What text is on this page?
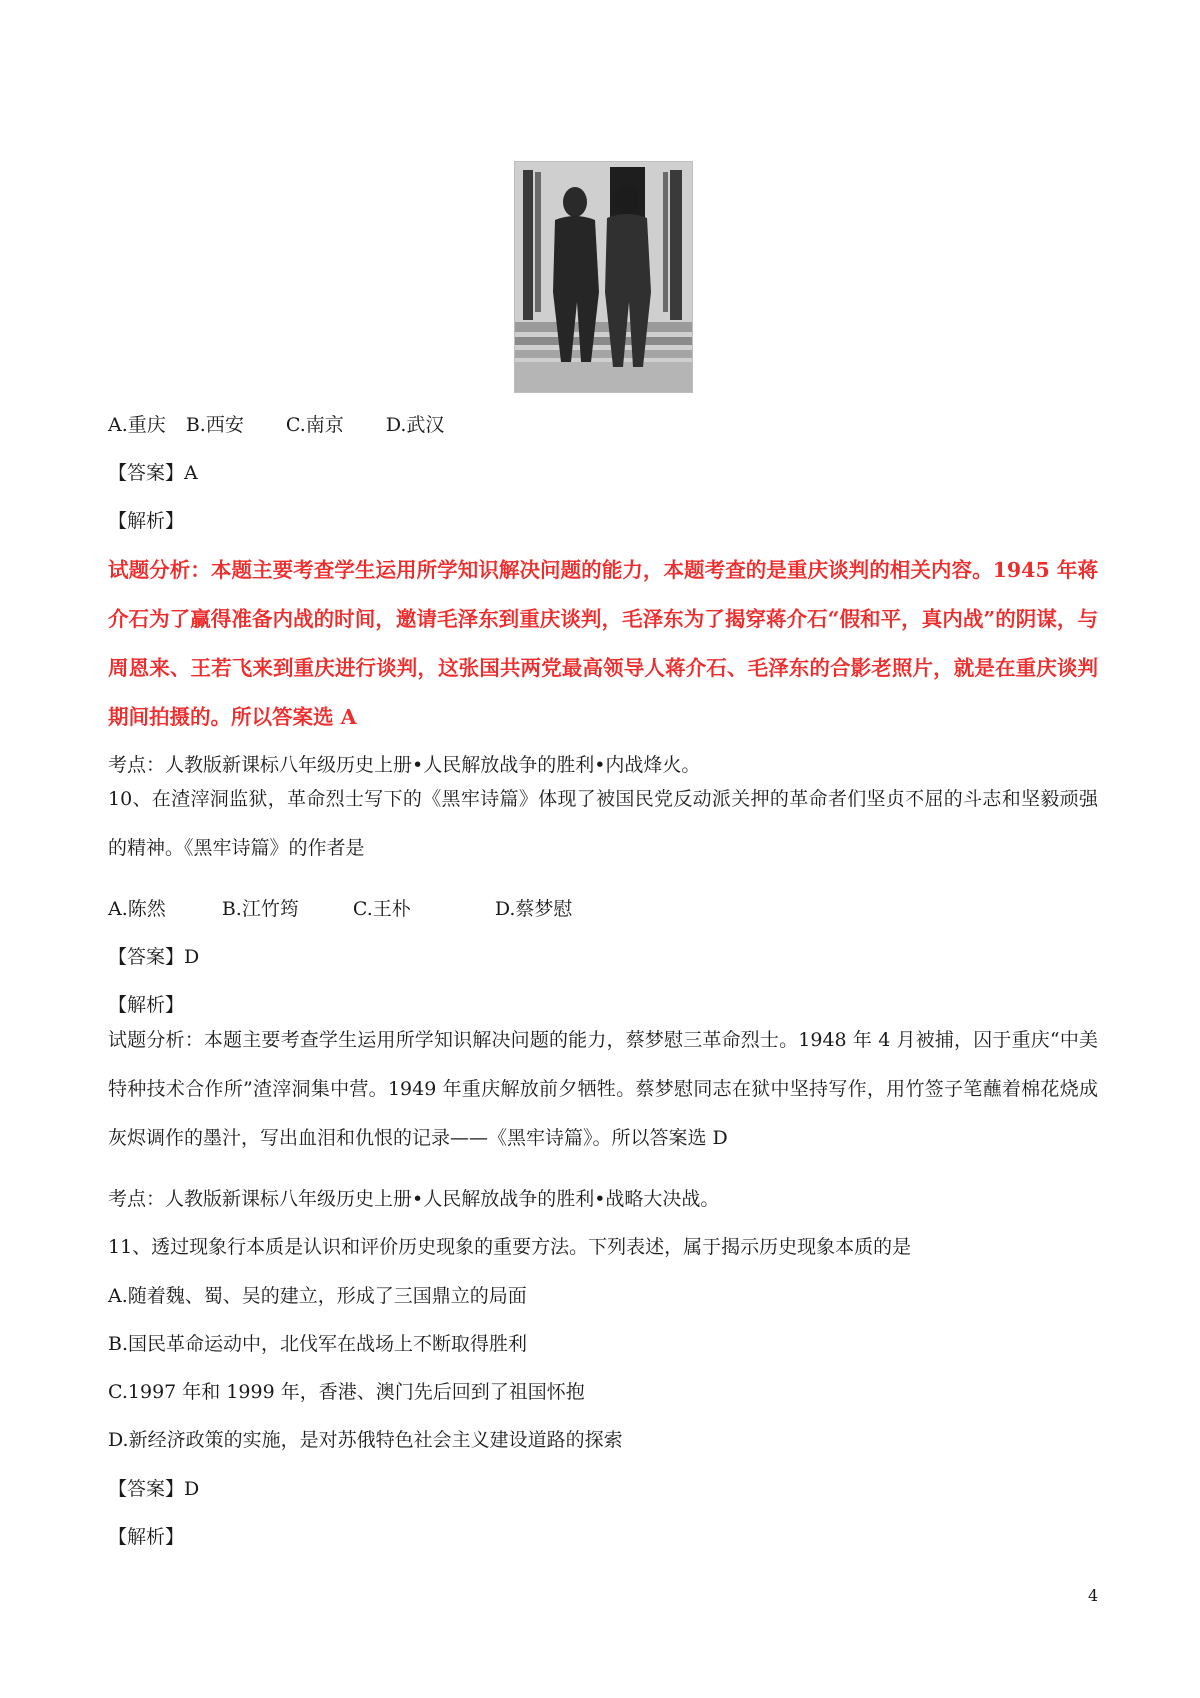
A.重庆 B.西安 C.南京 D.武汉
【答案】A
【解析】
试题分析：本题主要考查学生运用所学知识解决问题的能力，本题考查的是重庆谈判的相关内容。1945 年蒋介石为了赢得准备内战的时间，邀请毛泽东到重庆谈判，毛泽东为了揭穿蒋介石“假和平，真内战”的阴谋，与周恩来、王若飞来到重庆进行谈判，这张国共两党最高领导人蒋介石、毛泽东的合影老照片，就是在重庆谈判期间拍摄的。所以答案选 A
考点：人教版新课标八年级历史上册•人民解放战争的胜利•内战烽火。
10、在渣滓洞监狱，革命烈士写下的《黑牢诗篇》体现了被国民党反动派关押的革命者们坚贞不屈的斗志和坚毅顽强的精神。《黑牢诗篇》的作者是
A.陈然	B.江竹筠	C.王朴	D.蔡梦慰
【答案】D
【解析】
试题分析：本题主要考查学生运用所学知识解决问题的能力，蔡梦慰三革命烈士。1948 年 4 月被捕，囚于重庆“中美特种技术合作所”渣滓洞集中营。1949 年重庆解放前夕牺牲。蔡梦慰同志在狱中坚持写作，用竹签子笔蘸着棉花烧成灰烬调作的墨汁，写出血泪和仇恨的记录——《黑牢诗篇》。所以答案选 D
考点：人教版新课标八年级历史上册•人民解放战争的胜利•战略大决战。
11、透过现象行本质是认识和评价历史现象的重要方法。下列表述，属于揭示历史现象本质的是
A.随着魏、蜀、吴的建立，形成了三国鼎立的局面
B.国民革命运动中，北伐军在战场上不断取得胜利
C.1997 年和 1999 年，香港、澳门先后回到了祖国怀抱
D.新经济政策的实施，是对苏俄特色社会主义建设道路的探索
【答案】D
【解析】
4
